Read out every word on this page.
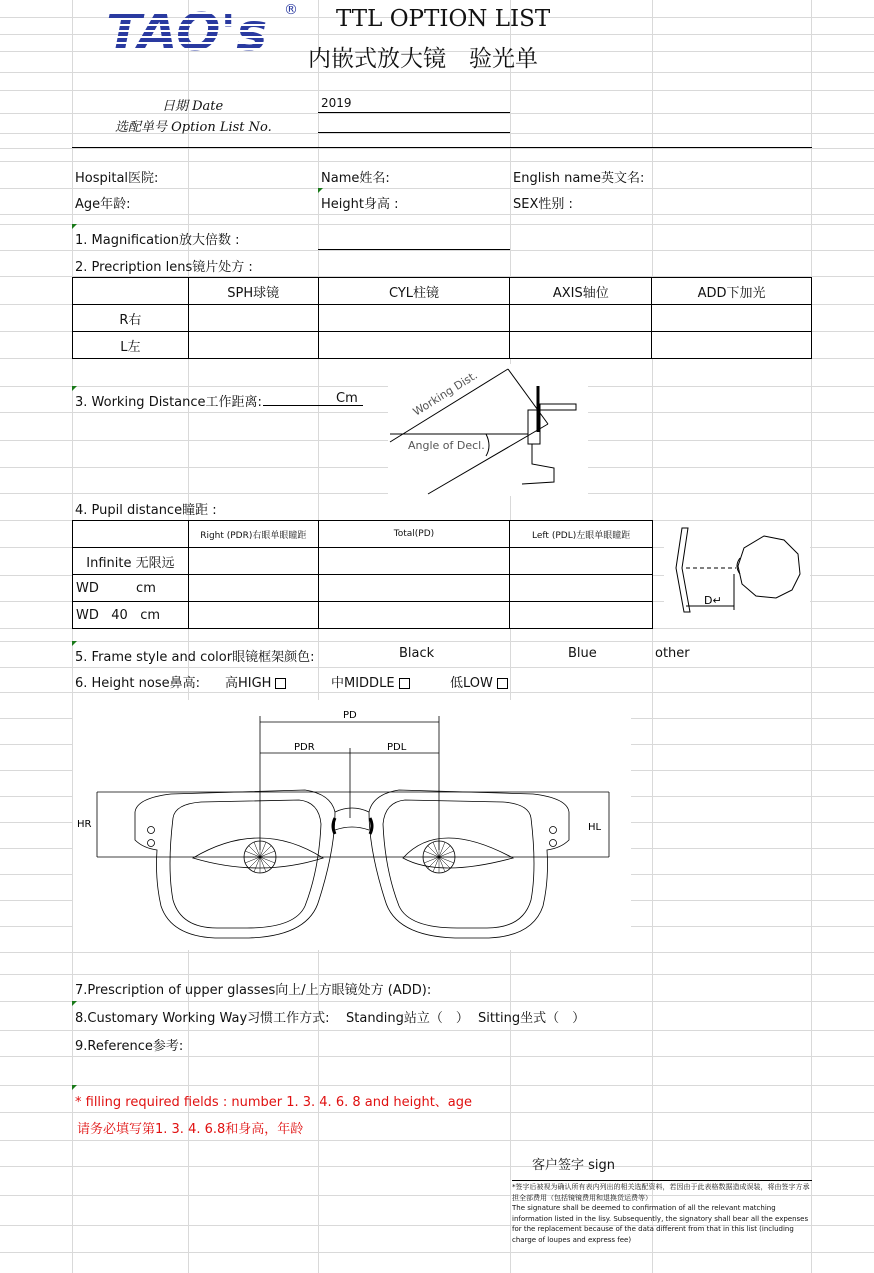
TAO's ® TTL OPTION LIST
内嵌式放大镜　验光单
日期 Date	2019
选配单号 Option List No.
Hospital医院:	Name姓名:	English name英文名:
Age年龄:	Height身高 :	SEX性别 :
1. Magnification放大倍数 :
2. Precription lens镜片处方 :
	SPH球镜	CYL柱镜	AXIS轴位	ADD下加光
R右				
L左				
3. Working Distance工作距离:	Cm	Working Dist.
Angle of Decl.
4. Pupil distance瞳距 :
	Right (PDR)右眼单眼瞳距	Total(PD)	Left (PDL)左眼单眼瞳距
Infinite 无限远			
WD         cm			
WD   40   cm			
D↵
5. Frame style and color眼镜框架颜色:	Black	Blue	other
6. Height nose鼻高: 高HIGH	中MIDDLE	低LOW
PD
PDR	PDL
HR	HL
7.Prescription of upper glasses向上/上方眼镜处方 (ADD):
8.Customary Working Way习惯工作方式: Standing站立（　） Sitting坐式（　）
9.Reference参考:
* filling required fields : number 1. 3. 4. 6. 8 and height、age
请务必填写第1. 3. 4. 6.8和身高，年龄
客户签字 sign
*签字后被视为确认所有表内列出的相关选配资料，若因由于此表格数据造成误装，将由签字方承担全部费用（包括镜镜费用和退换货运费等）
The signature shall be deemed to confirmation of all the relevant matching information listed in the lisy. Subsequently, the signatory shall bear all the expenses for the replacement because of the data different from that in this list (including charge of loupes and express fee)
